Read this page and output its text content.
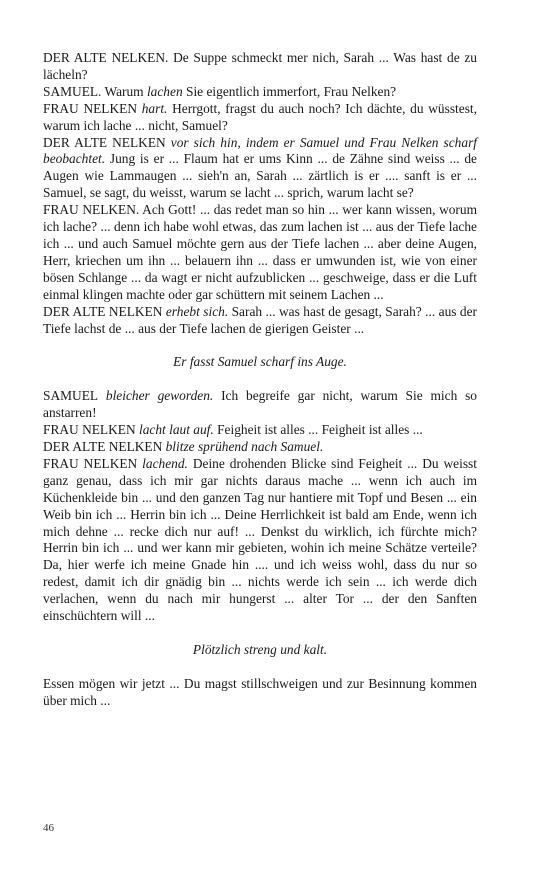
DER ALTE NELKEN. De Suppe schmeckt mer nich, Sarah ... Was hast de zu lächeln?

SAMUEL. Warum lachen Sie eigentlich immerfort, Frau Nelken?

FRAU NELKEN hart. Herrgott, fragst du auch noch? Ich dächte, du wüsstest, warum ich lache ... nicht, Samuel?

DER ALTE NELKEN vor sich hin, indem er Samuel und Frau Nelken scharf beobachtet. Jung is er ... Flaum hat er ums Kinn ... de Zähne sind weiss ... de Augen wie Lammaugen ... sieh'n an, Sarah ... zärtlich is er .... sanft is er ... Samuel, se sagt, du weisst, warum se lacht ... sprich, warum lacht se?

FRAU NELKEN. Ach Gott! ... das redet man so hin ... wer kann wissen, worum ich lache? ... denn ich habe wohl etwas, das zum lachen ist ... aus der Tiefe lache ich ... und auch Samuel möchte gern aus der Tiefe lachen ... aber deine Augen, Herr, kriechen um ihn ... belauern ihn ... dass er umwunden ist, wie von einer bösen Schlange ... da wagt er nicht aufzublicken ... geschweige, dass er die Luft einmal klingen machte oder gar schüttern mit seinem Lachen ...

DER ALTE NELKEN erhebt sich. Sarah ... was hast de gesagt, Sarah? ... aus der Tiefe lachst de ... aus der Tiefe lachen de gierigen Geister ...

Er fasst Samuel scharf ins Auge.

SAMUEL bleicher geworden. Ich begreife gar nicht, warum Sie mich so anstarren!

FRAU NELKEN lacht laut auf. Feigheit ist alles ... Feigheit ist alles ...

DER ALTE NELKEN blitze sprühend nach Samuel.

FRAU NELKEN lachend. Deine drohenden Blicke sind Feigheit ... Du weisst ganz genau, dass ich mir gar nichts daraus mache ... wenn ich auch im Küchenkleide bin ... und den ganzen Tag nur hantiere mit Topf und Besen ... ein Weib bin ich ... Herrin bin ich ... Deine Herrlichkeit ist bald am Ende, wenn ich mich dehne ... recke dich nur auf! ... Denkst du wirklich, ich fürchte mich? Herrin bin ich ... und wer kann mir gebieten, wohin ich meine Schätze verteile? Da, hier werfe ich meine Gnade hin .... und ich weiss wohl, dass du nur so redest, damit ich dir gnädig bin ... nichts werde ich sein ... ich werde dich verlachen, wenn du nach mir hungerst ... alter Tor ... der den Sanften einschüchtern will ...

Plötzlich streng und kalt.

Essen mögen wir jetzt ... Du magst stillschweigen und zur Besinnung kommen über mich ...

46
